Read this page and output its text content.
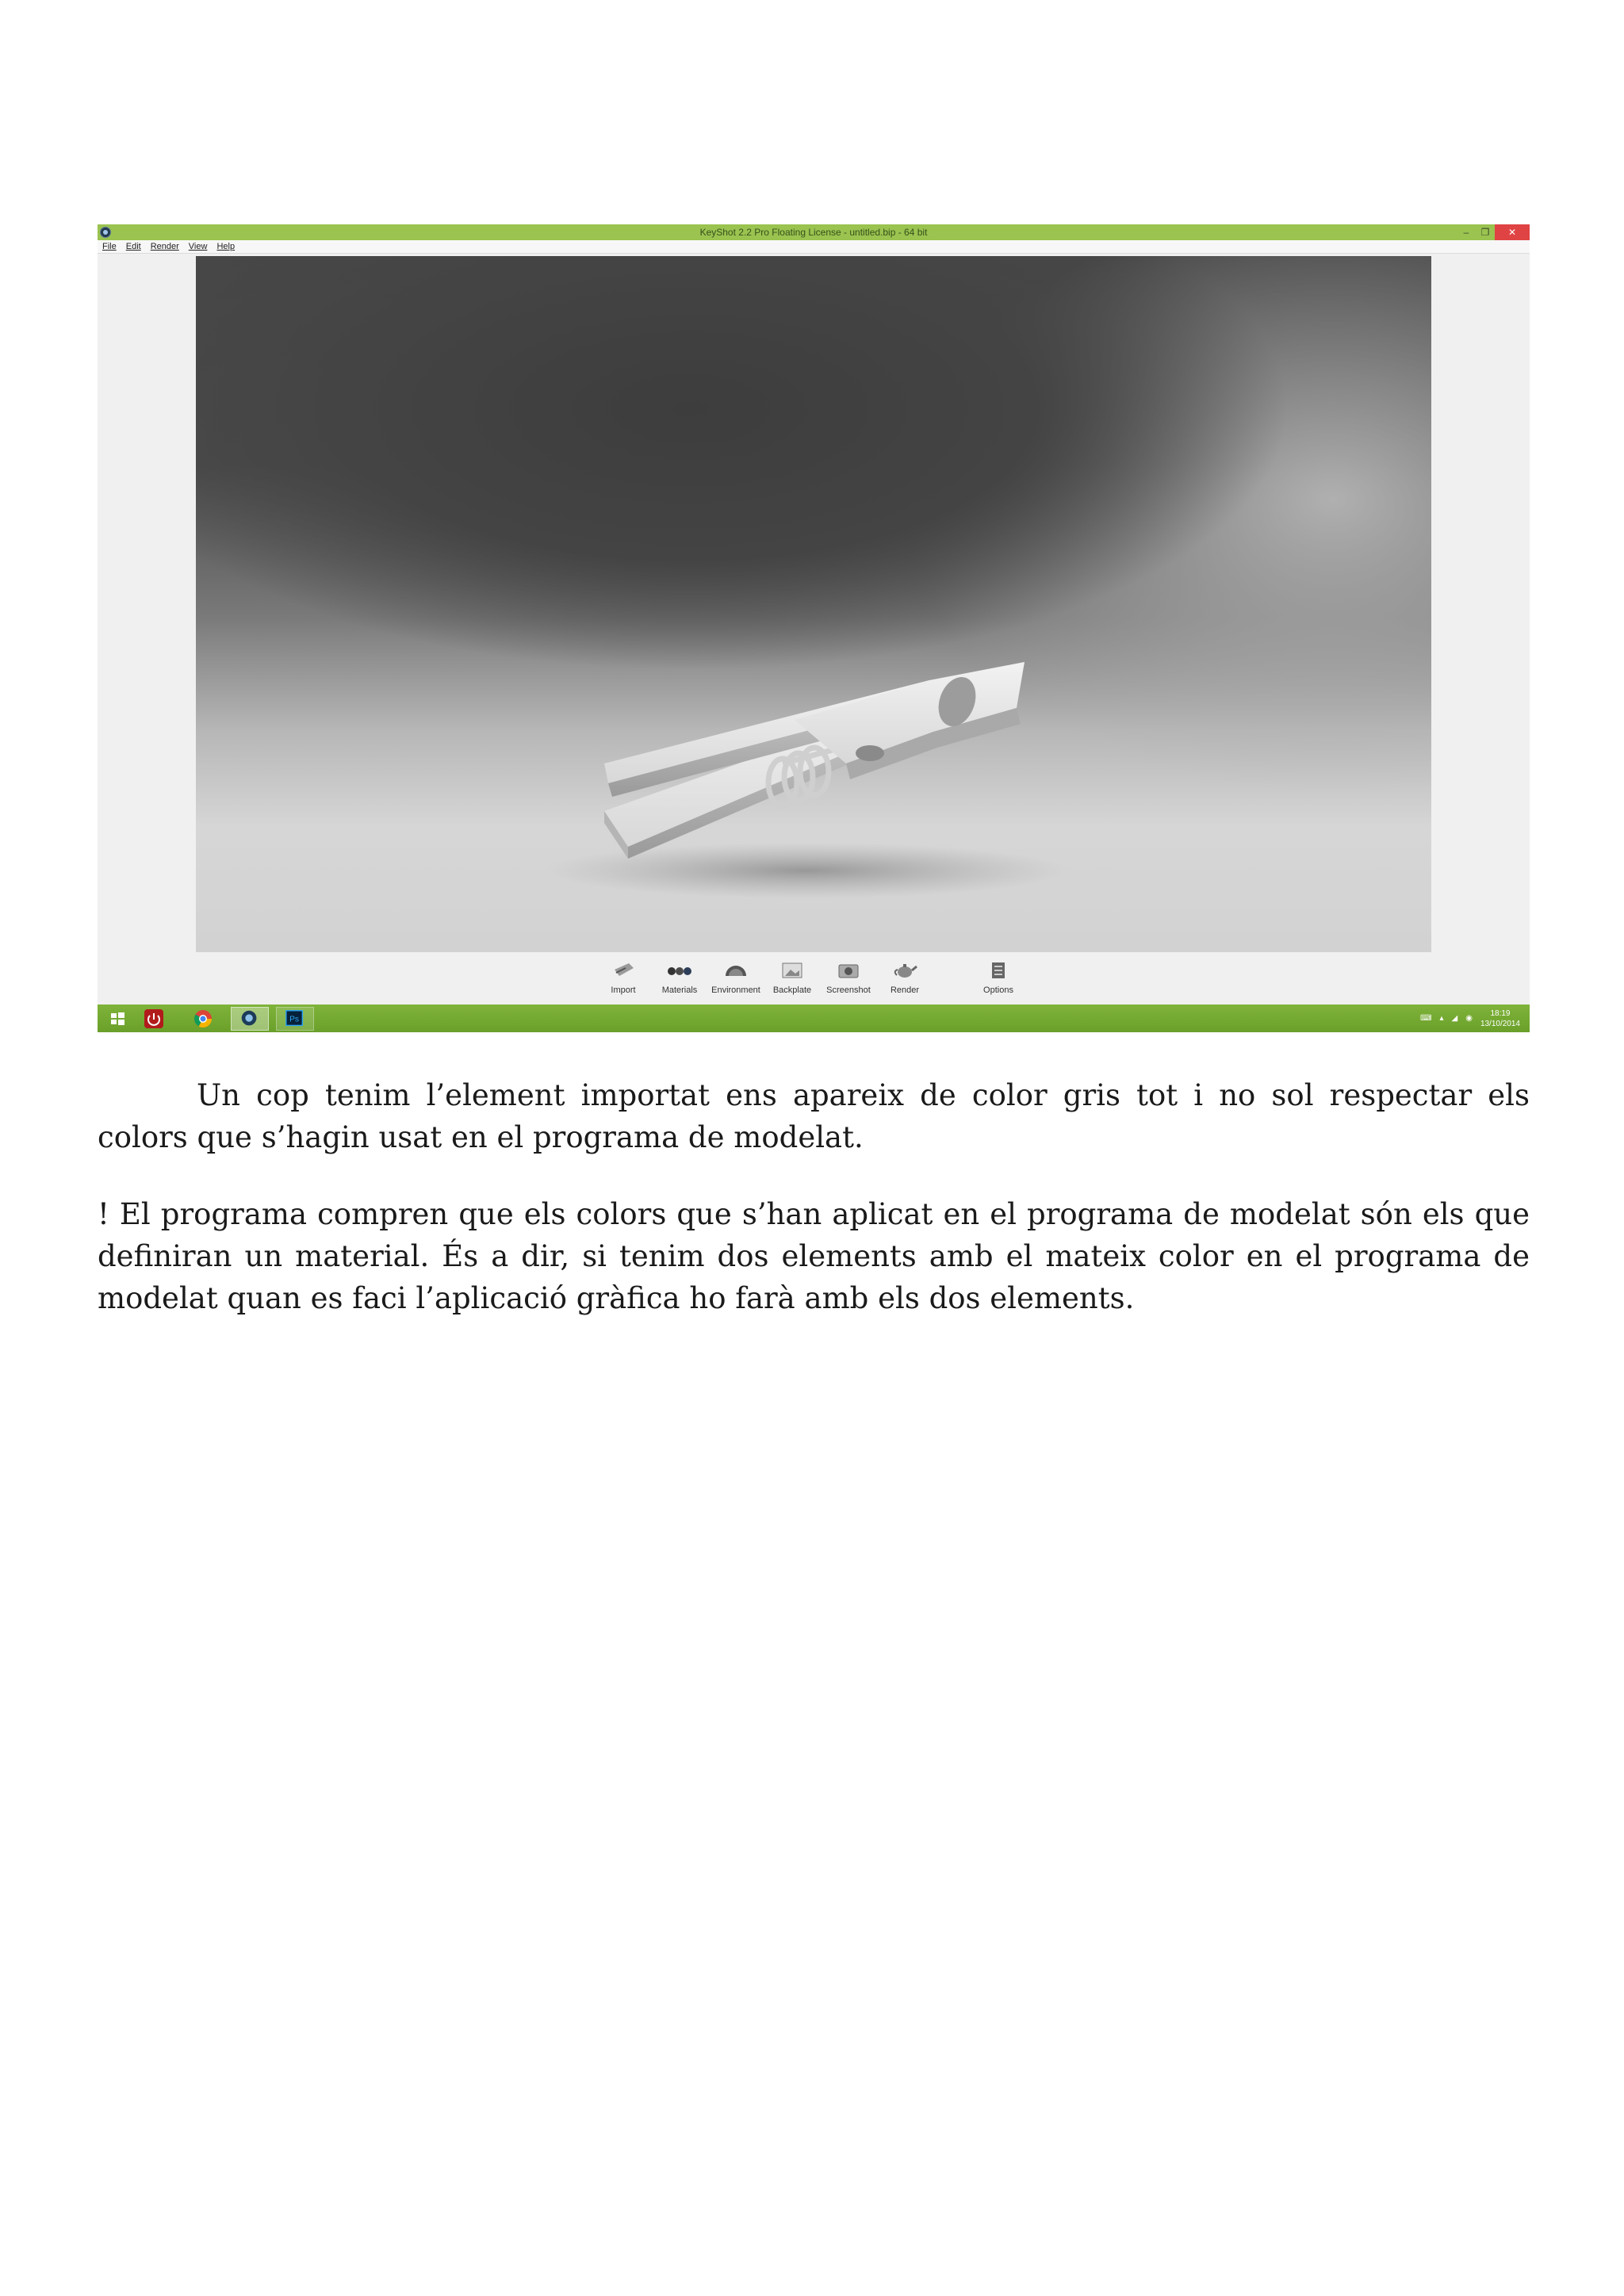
KeyShot 2.2 Pro Floating License - untitled.bip - 64 bit	–	❐	✕
File	Edit	Render	View	Help
Import	Materials	Environment	Backplate	Screenshot	Render	Options
Ps	⌨ ▴ ◢ ◉
18:19
13/10/2014

Un cop tenim l’element importat ens apareix de color gris tot i no sol respectar els colors que s’hagin usat en el programa de modelat.

! El programa compren que els colors que s’han aplicat en el programa de modelat són els que definiran un material. És a dir, si tenim dos elements amb el mateix color en el programa de modelat quan es faci l’aplicació gràfica ho farà amb els dos elements.
